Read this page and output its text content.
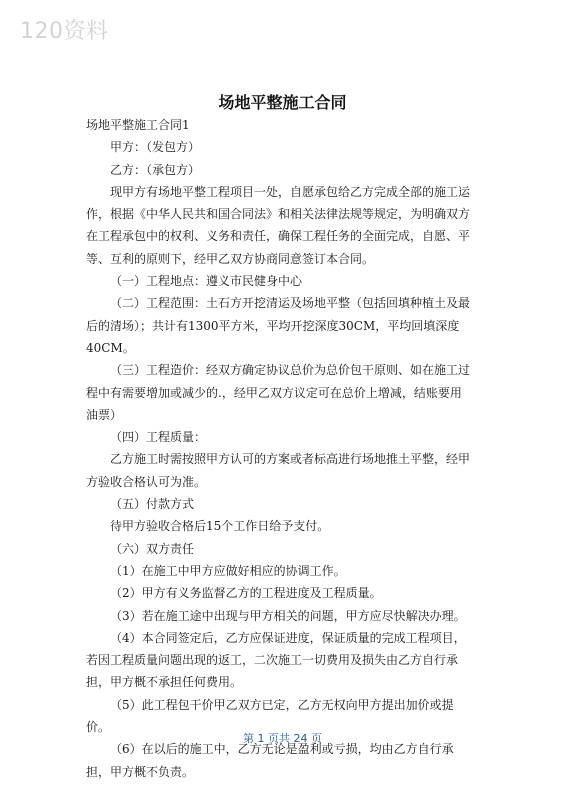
120资料
场地平整施工合同

场地平整施工合同1

甲方：（发包方）

乙方：（承包方）

现甲方有场地平整工程项目一处，自愿承包给乙方完成全部的施工运作，根据《中华人民共和国合同法》和相关法律法规等规定，为明确双方在工程承包中的权利、义务和责任，确保工程任务的全面完成，自愿、平等、互利的原则下，经甲乙双方协商同意签订本合同。

（一）工程地点：遵义市民健身中心

（二）工程范围：土石方开挖清运及场地平整（包括回填种植土及最后的清场）；共计有1300平方米，平均开挖深度30CM，平均回填深度40CM。

（三）工程造价：经双方确定协议总价为总价包干原则、如在施工过程中有需要增加或减少的.，经甲乙双方议定可在总价上增减，结账要用油票）

（四）工程质量：

乙方施工时需按照甲方认可的方案或者标高进行场地推土平整，经甲方验收合格认可为准。

（五）付款方式

待甲方验收合格后15个工作日给予支付。

（六）双方责任

（1）在施工中甲方应做好相应的协调工作。

（2）甲方有义务监督乙方的工程进度及工程质量。

（3）若在施工途中出现与甲方相关的问题，甲方应尽快解决办理。

（4）本合同签定后，乙方应保证进度，保证质量的完成工程项目，若因工程质量问题出现的返工，二次施工一切费用及损失由乙方自行承担，甲方概不承担任何费用。

（5）此工程包干价甲乙双方已定，乙方无权向甲方提出加价或提价。

（6）在以后的施工中，乙方无论是盈利或亏损，均由乙方自行承担，甲方概不负责。

第 1 页共 24 页
